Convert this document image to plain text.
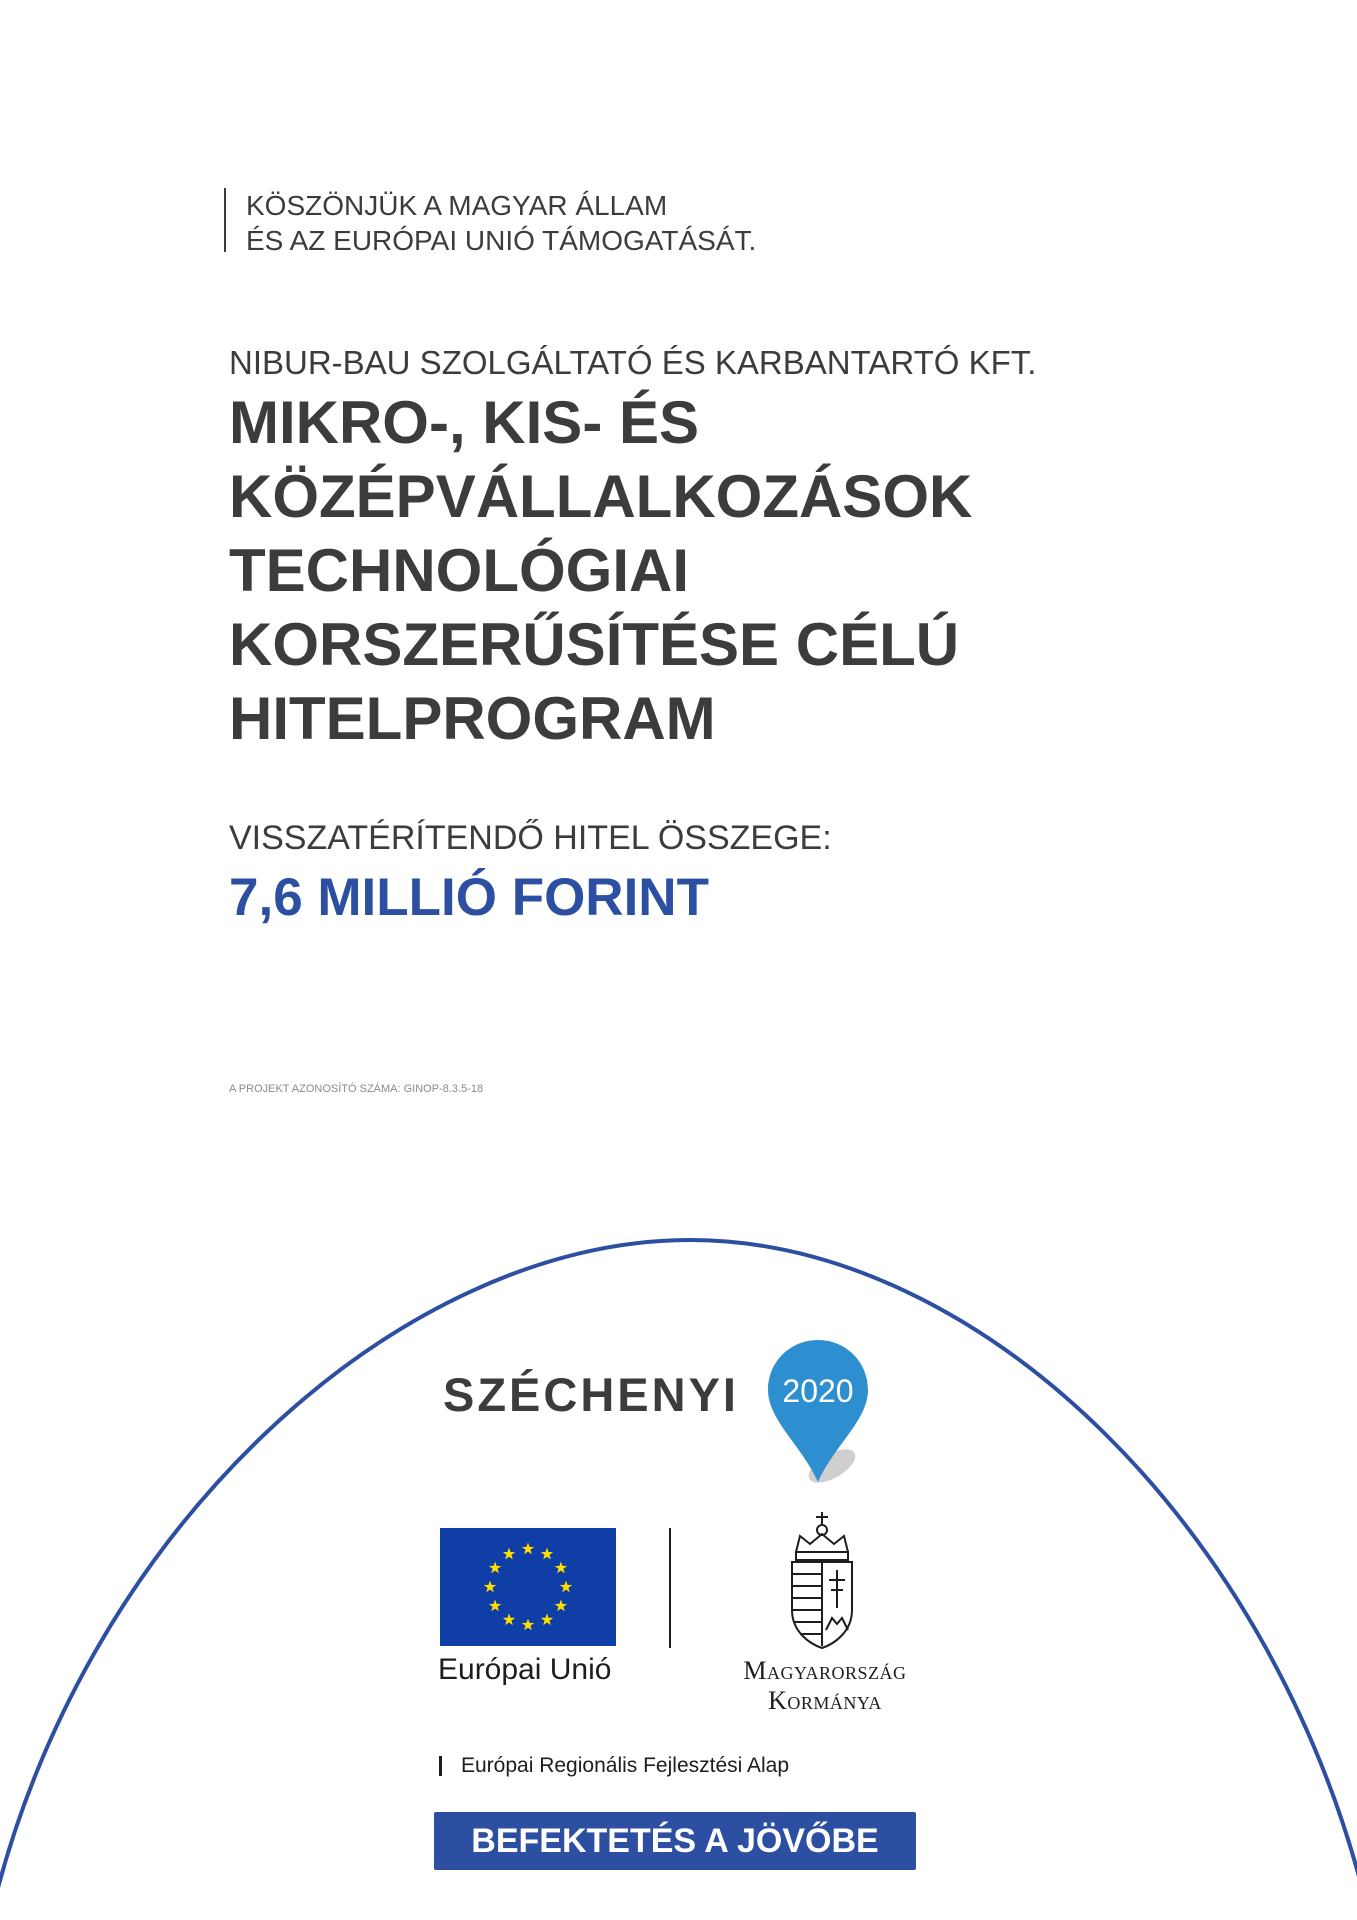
KÖSZÖNJÜK A MAGYAR ÁLLAM
ÉS AZ EURÓPAI UNIÓ TÁMOGATÁSÁT.
NIBUR-BAU SZOLGÁLTATÓ ÉS KARBANTARTÓ KFT.
MIKRO-, KIS- ÉS
KÖZÉPVÁLLALKOZÁSOK
TECHNOLÓGIAI
KORSZERŰSÍTÉSE CÉLÚ
HITELPROGRAM
VISSZATÉRÍTENDŐ HITEL ÖSSZEGE:
7,6 MILLIÓ FORINT
A PROJEKT AZONOSÍTÓ SZÁMA: GINOP-8.3.5-18
SZÉCHENYI 2020
Európai Unió	Magyarország
Kormánya
Európai Regionális Fejlesztési Alap
BEFEKTETÉS A JÖVŐBE
